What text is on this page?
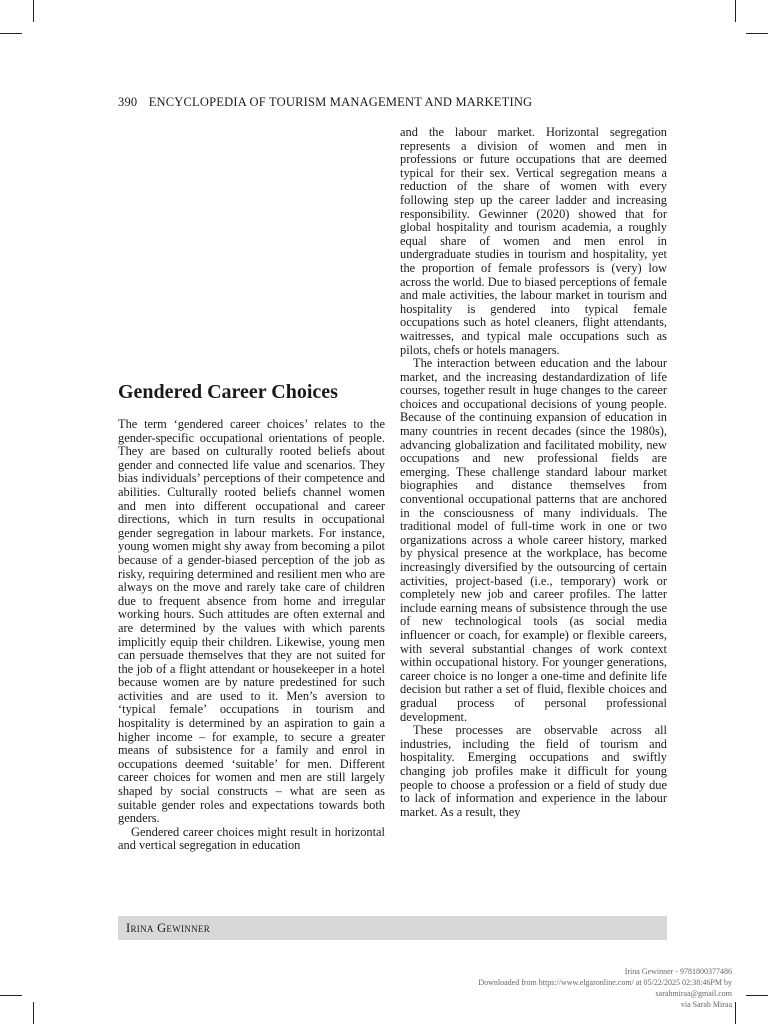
390 ENCYCLOPEDIA OF TOURISM MANAGEMENT AND MARKETING
Gendered Career Choices

The term ‘gendered career choices’ relates to the gender-specific occupational orientations of people. They are based on culturally rooted beliefs about gender and connected life value and scenarios. They bias individuals’ perceptions of their competence and abilities. Culturally rooted beliefs channel women and men into different occupational and career directions, which in turn results in occupational gender segregation in labour markets. For instance, young women might shy away from becoming a pilot because of a gender-biased perception of the job as risky, requiring determined and resilient men who are always on the move and rarely take care of children due to frequent absence from home and irregular working hours. Such attitudes are often external and are determined by the values with which parents implicitly equip their children. Likewise, young men can persuade themselves that they are not suited for the job of a flight attendant or housekeeper in a hotel because women are by nature predestined for such activities and are used to it. Men’s aversion to ‘typical female’ occupations in tourism and hospitality is determined by an aspiration to gain a higher income – for example, to secure a greater means of subsistence for a family and enrol in occupations deemed ‘suitable’ for men. Different career choices for women and men are still largely shaped by social constructs – what are seen as suitable gender roles and expectations towards both genders.

Gendered career choices might result in horizontal and vertical segregation in education

and the labour market. Horizontal segregation represents a division of women and men in professions or future occupations that are deemed typical for their sex. Vertical segregation means a reduction of the share of women with every following step up the career ladder and increasing responsibility. Gewinner (2020) showed that for global hospitality and tourism academia, a roughly equal share of women and men enrol in undergraduate studies in tourism and hospitality, yet the proportion of female professors is (very) low across the world. Due to biased perceptions of female and male activities, the labour market in tourism and hospitality is gendered into typical female occupations such as hotel cleaners, flight attendants, waitresses, and typical male occupations such as pilots, chefs or hotels managers.

The interaction between education and the labour market, and the increasing destandardization of life courses, together result in huge changes to the career choices and occupational decisions of young people. Because of the continuing expansion of education in many countries in recent decades (since the 1980s), advancing globalization and facilitated mobility, new occupations and new professional fields are emerging. These challenge standard labour market biographies and distance themselves from conventional occupational patterns that are anchored in the consciousness of many individuals. The traditional model of full-time work in one or two organizations across a whole career history, marked by physical presence at the workplace, has become increasingly diversified by the outsourcing of certain activities, project-based (i.e., temporary) work or completely new job and career profiles. The latter include earning means of subsistence through the use of new technological tools (as social media influencer or coach, for example) or flexible careers, with several substantial changes of work context within occupational history. For younger generations, career choice is no longer a one-time and definite life decision but rather a set of fluid, flexible choices and gradual process of personal professional development.

These processes are observable across all industries, including the field of tourism and hospitality. Emerging occupations and swiftly changing job profiles make it difficult for young people to choose a profession or a field of study due to lack of information and experience in the labour market. As a result, they

Irina Gewinner
Irina Gewinner - 9781800377486
Downloaded from https://www.elgaronline.com/ at 05/22/2025 02:38:46PM by
sarahmiraa@gmail.com
via Sarah Miraa
